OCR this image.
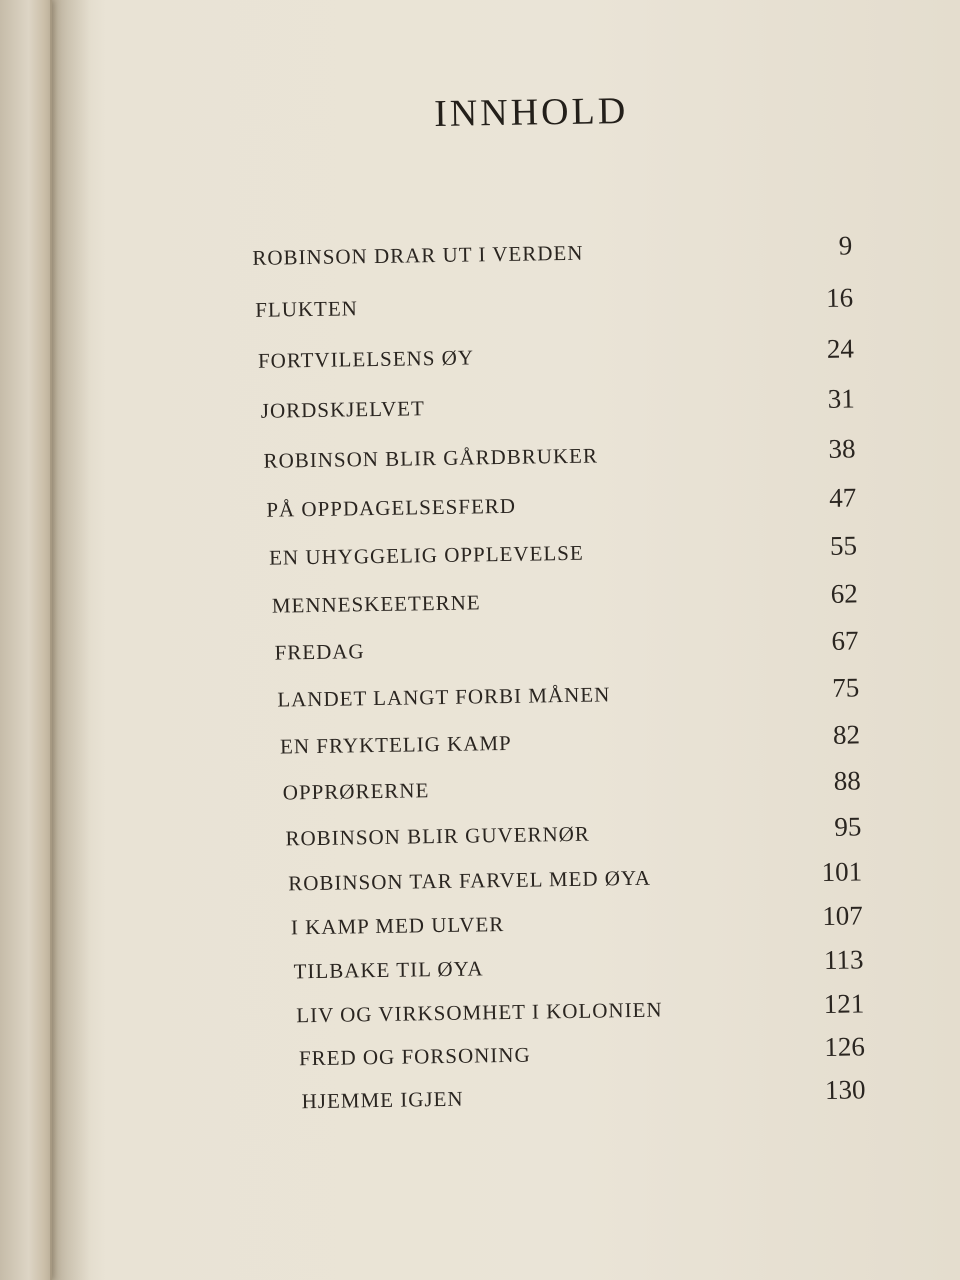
INNHOLD
ROBINSON DRAR UT I VERDEN	9
FLUKTEN	16
FORTVILELSENS ØY	24
JORDSKJELVET	31
ROBINSON BLIR GÅRDBRUKER	38
PÅ OPPDAGELSESFERD	47
EN UHYGGELIG OPPLEVELSE	55
MENNESKEETERNE	62
FREDAG	67
LANDET LANGT FORBI MÅNEN	75
EN FRYKTELIG KAMP	82
OPPRØRERNE	88
ROBINSON BLIR GUVERNØR	95
ROBINSON TAR FARVEL MED ØYA	101
I KAMP MED ULVER	107
TILBAKE TIL ØYA	113
LIV OG VIRKSOMHET I KOLONIEN	121
FRED OG FORSONING	126
HJEMME IGJEN	130
